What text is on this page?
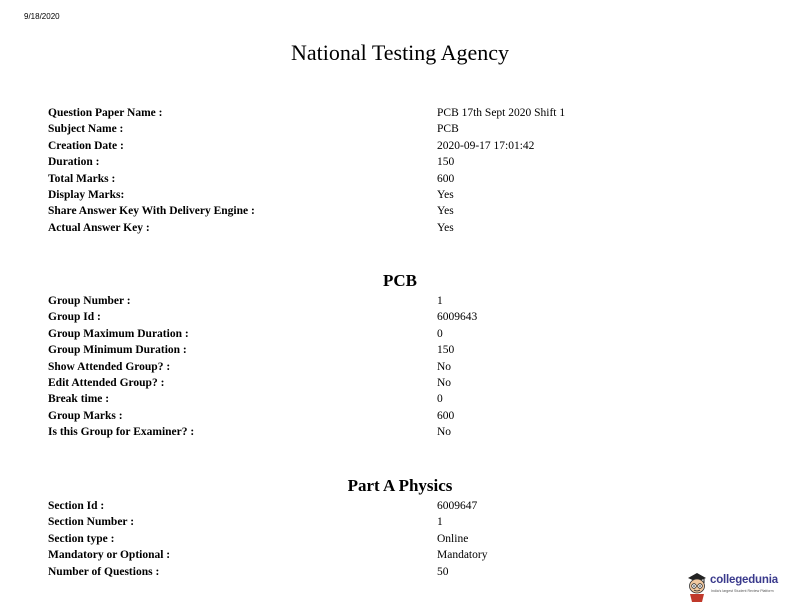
9/18/2020
National Testing Agency
Question Paper Name :	PCB 17th Sept 2020 Shift 1
Subject Name :	PCB
Creation Date :	2020-09-17 17:01:42
Duration :	150
Total Marks :	600
Display Marks:	Yes
Share Answer Key With Delivery Engine :	Yes
Actual Answer Key :	Yes
PCB
Group Number :	1
Group Id :	6009643
Group Maximum Duration :	0
Group Minimum Duration :	150
Show Attended Group? :	No
Edit Attended Group? :	No
Break time :	0
Group Marks :	600
Is this Group for Examiner? :	No
Part A Physics
Section Id :	6009647
Section Number :	1
Section type :	Online
Mandatory or Optional :	Mandatory
Number of Questions :	50
collegedunia
India's largest Student Review Platform
